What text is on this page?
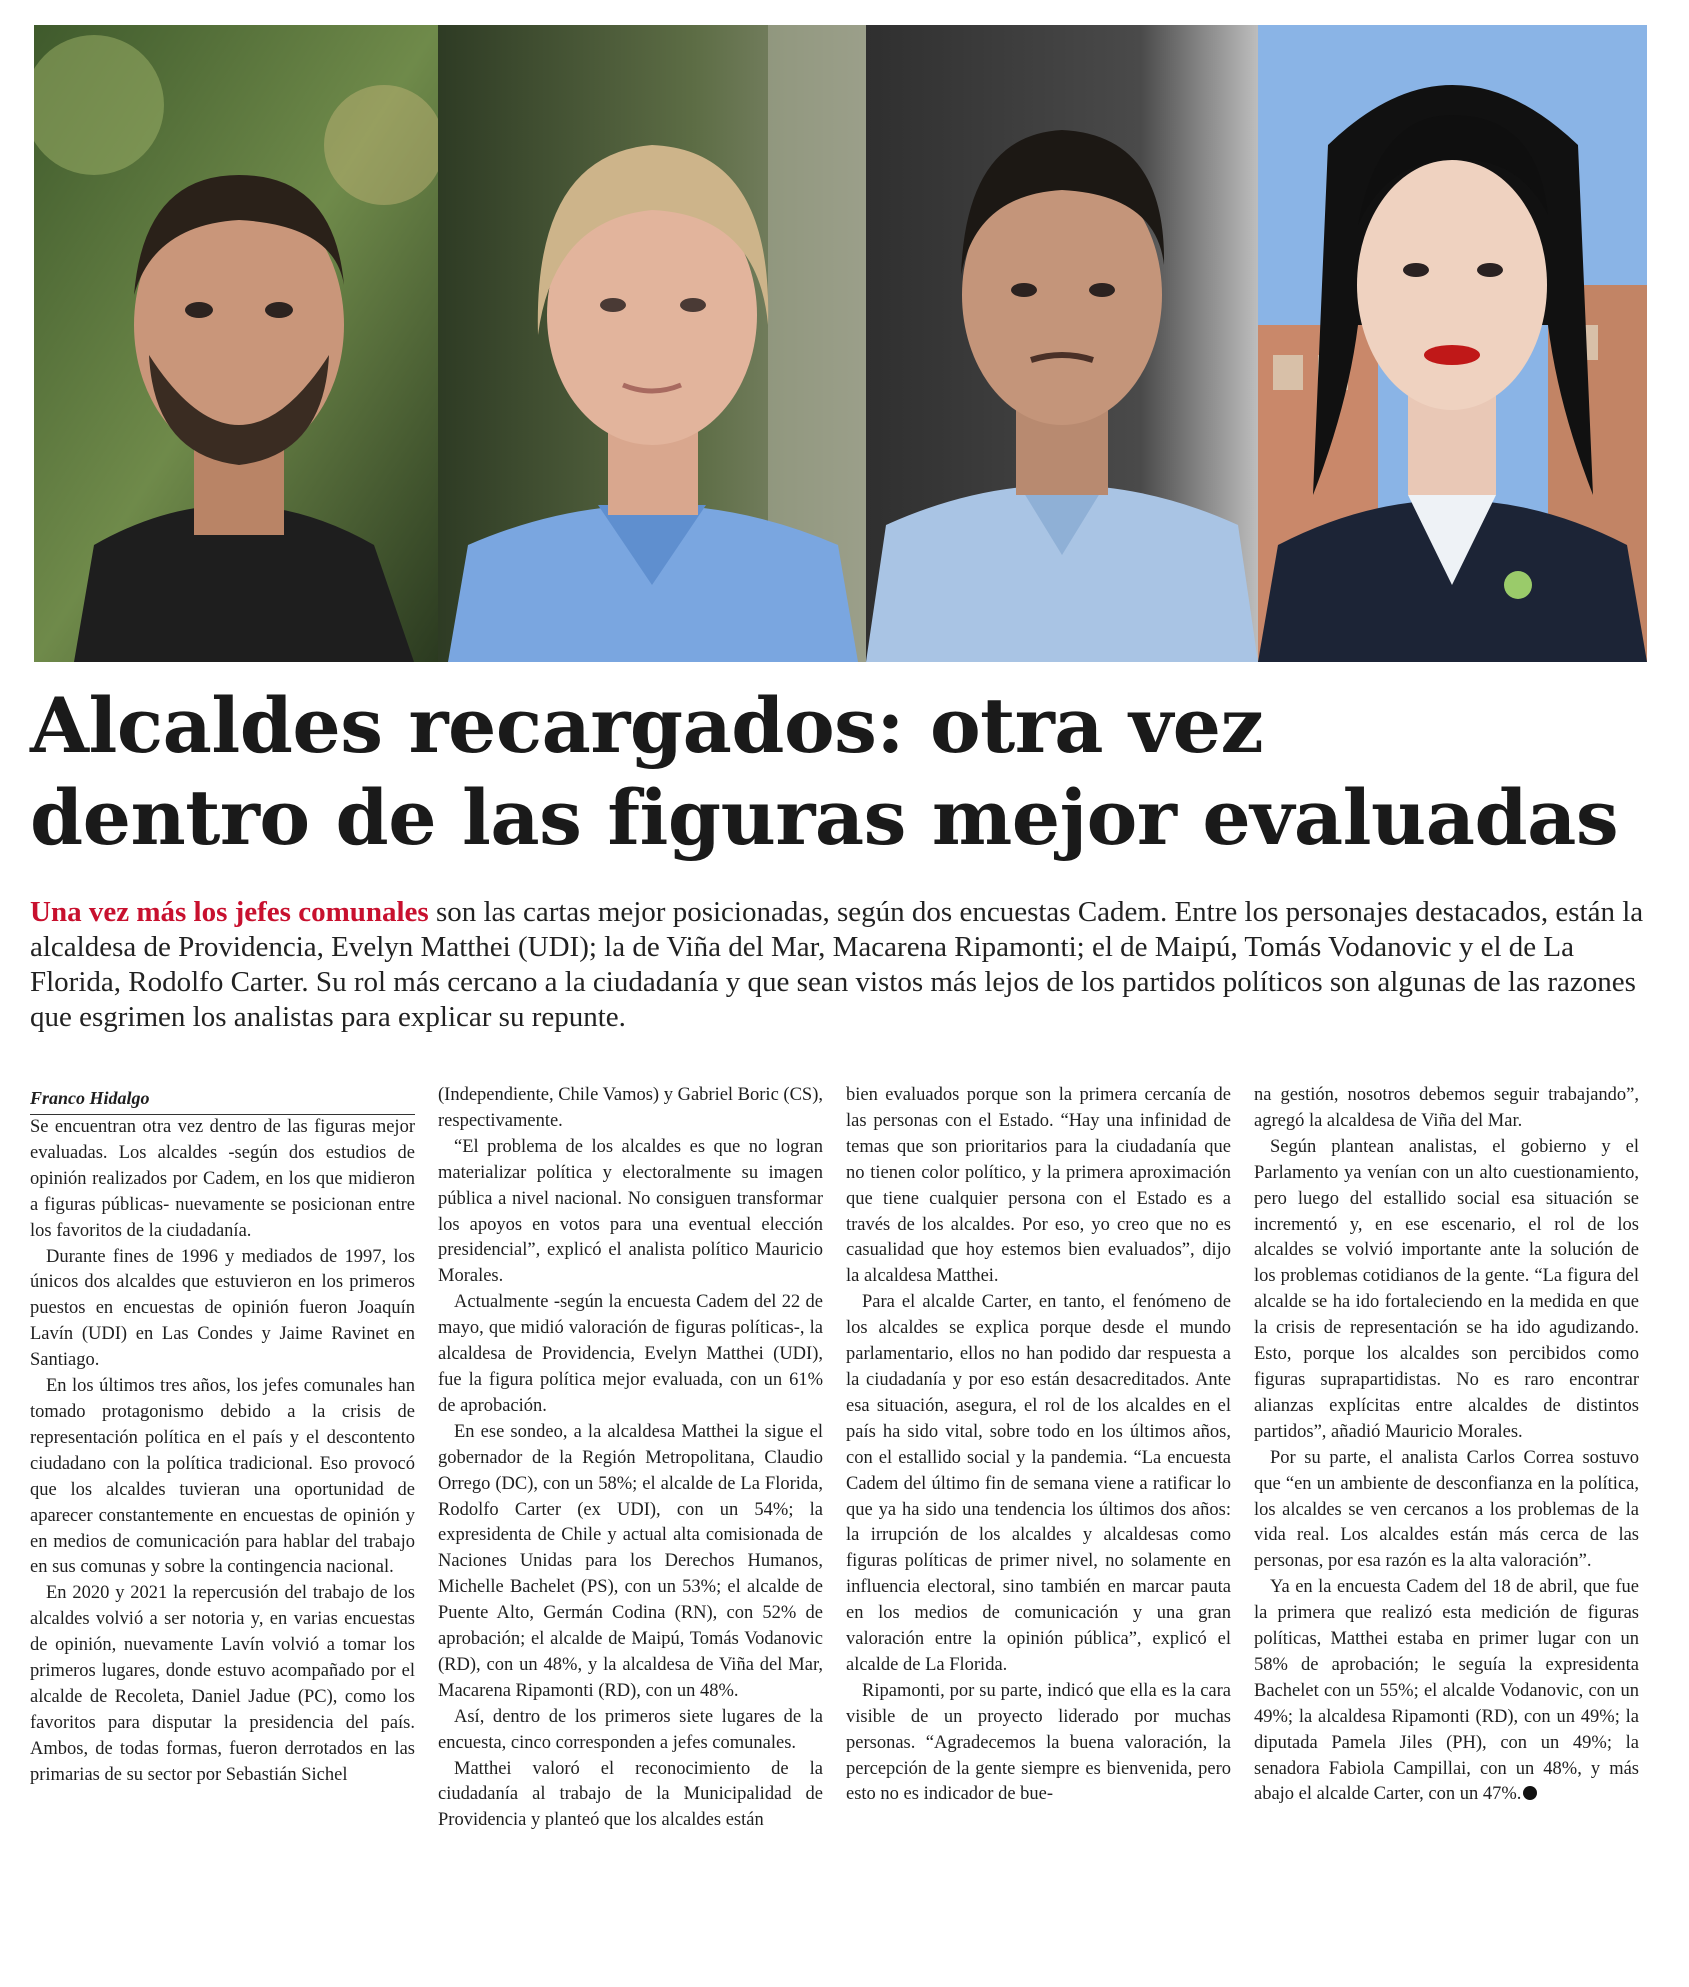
Alcaldes recargados: otra vez
dentro de las figuras mejor evaluadas

Una vez más los jefes comunales son las cartas mejor posicionadas, según dos encuestas Cadem. Entre los personajes destacados, están la alcaldesa de Providencia, Evelyn Matthei (UDI); la de Viña del Mar, Macarena Ripamonti; el de Maipú, Tomás Vodanovic y el de La Florida, Rodolfo Carter. Su rol más cercano a la ciudadanía y que sean vistos más lejos de los partidos políticos son algunas de las razones que esgrimen los analistas para explicar su repunte.

Franco Hidalgo

Se encuentran otra vez dentro de las figuras mejor evaluadas. Los alcaldes -según dos estudios de opinión realizados por Cadem, en los que midieron a figuras públicas- nuevamente se posicionan entre los favoritos de la ciudadanía.

Durante fines de 1996 y mediados de 1997, los únicos dos alcaldes que estuvieron en los primeros puestos en encuestas de opinión fueron Joaquín Lavín (UDI) en Las Condes y Jaime Ravinet en Santiago.

En los últimos tres años, los jefes comunales han tomado protagonismo debido a la crisis de representación política en el país y el descontento ciudadano con la política tradicional. Eso provocó que los alcaldes tuvieran una oportunidad de aparecer constantemente en encuestas de opinión y en medios de comunicación para hablar del trabajo en sus comunas y sobre la contingencia nacional.

En 2020 y 2021 la repercusión del trabajo de los alcaldes volvió a ser notoria y, en varias encuestas de opinión, nuevamente Lavín volvió a tomar los primeros lugares, donde estuvo acompañado por el alcalde de Recoleta, Daniel Jadue (PC), como los favoritos para disputar la presidencia del país. Ambos, de todas formas, fueron derrotados en las primarias de su sector por Sebastián Sichel

(Independiente, Chile Vamos) y Gabriel Boric (CS), respectivamente.

“El problema de los alcaldes es que no logran materializar política y electoralmente su imagen pública a nivel nacional. No consiguen transformar los apoyos en votos para una eventual elección presidencial”, explicó el analista político Mauricio Morales.

Actualmente -según la encuesta Cadem del 22 de mayo, que midió valoración de figuras políticas-, la alcaldesa de Providencia, Evelyn Matthei (UDI), fue la figura política mejor evaluada, con un 61% de aprobación.

En ese sondeo, a la alcaldesa Matthei la sigue el gobernador de la Región Metropolitana, Claudio Orrego (DC), con un 58%; el alcalde de La Florida, Rodolfo Carter (ex UDI), con un 54%; la expresidenta de Chile y actual alta comisionada de Naciones Unidas para los Derechos Humanos, Michelle Bachelet (PS), con un 53%; el alcalde de Puente Alto, Germán Codina (RN), con 52% de aprobación; el alcalde de Maipú, Tomás Vodanovic (RD), con un 48%, y la alcaldesa de Viña del Mar, Macarena Ripamonti (RD), con un 48%.

Así, dentro de los primeros siete lugares de la encuesta, cinco corresponden a jefes comunales.

Matthei valoró el reconocimiento de la ciudadanía al trabajo de la Municipalidad de Providencia y planteó que los alcaldes están

bien evaluados porque son la primera cercanía de las personas con el Estado. “Hay una infinidad de temas que son prioritarios para la ciudadanía que no tienen color político, y la primera aproximación que tiene cualquier persona con el Estado es a través de los alcaldes. Por eso, yo creo que no es casualidad que hoy estemos bien evaluados”, dijo la alcaldesa Matthei.

Para el alcalde Carter, en tanto, el fenómeno de los alcaldes se explica porque desde el mundo parlamentario, ellos no han podido dar respuesta a la ciudadanía y por eso están desacreditados. Ante esa situación, asegura, el rol de los alcaldes en el país ha sido vital, sobre todo en los últimos años, con el estallido social y la pandemia. “La encuesta Cadem del último fin de semana viene a ratificar lo que ya ha sido una tendencia los últimos dos años: la irrupción de los alcaldes y alcaldesas como figuras políticas de primer nivel, no solamente en influencia electoral, sino también en marcar pauta en los medios de comunicación y una gran valoración entre la opinión pública”, explicó el alcalde de La Florida.

Ripamonti, por su parte, indicó que ella es la cara visible de un proyecto liderado por muchas personas. “Agradecemos la buena valoración, la percepción de la gente siempre es bienvenida, pero esto no es indicador de bue-

na gestión, nosotros debemos seguir trabajando”, agregó la alcaldesa de Viña del Mar.

Según plantean analistas, el gobierno y el Parlamento ya venían con un alto cuestionamiento, pero luego del estallido social esa situación se incrementó y, en ese escenario, el rol de los alcaldes se volvió importante ante la solución de los problemas cotidianos de la gente. “La figura del alcalde se ha ido fortaleciendo en la medida en que la crisis de representación se ha ido agudizando. Esto, porque los alcaldes son percibidos como figuras suprapartidistas. No es raro encontrar alianzas explícitas entre alcaldes de distintos partidos”, añadió Mauricio Morales.

Por su parte, el analista Carlos Correa sostuvo que “en un ambiente de desconfianza en la política, los alcaldes se ven cercanos a los problemas de la vida real. Los alcaldes están más cerca de las personas, por esa razón es la alta valoración”.

Ya en la encuesta Cadem del 18 de abril, que fue la primera que realizó esta medición de figuras políticas, Matthei estaba en primer lugar con un 58% de aprobación; le seguía la expresidenta Bachelet con un 55%; el alcalde Vodanovic, con un 49%; la alcaldesa Ripamonti (RD), con un 49%; la diputada Pamela Jiles (PH), con un 49%; la senadora Fabiola Campillai, con un 48%, y más abajo el alcalde Carter, con un 47%.
